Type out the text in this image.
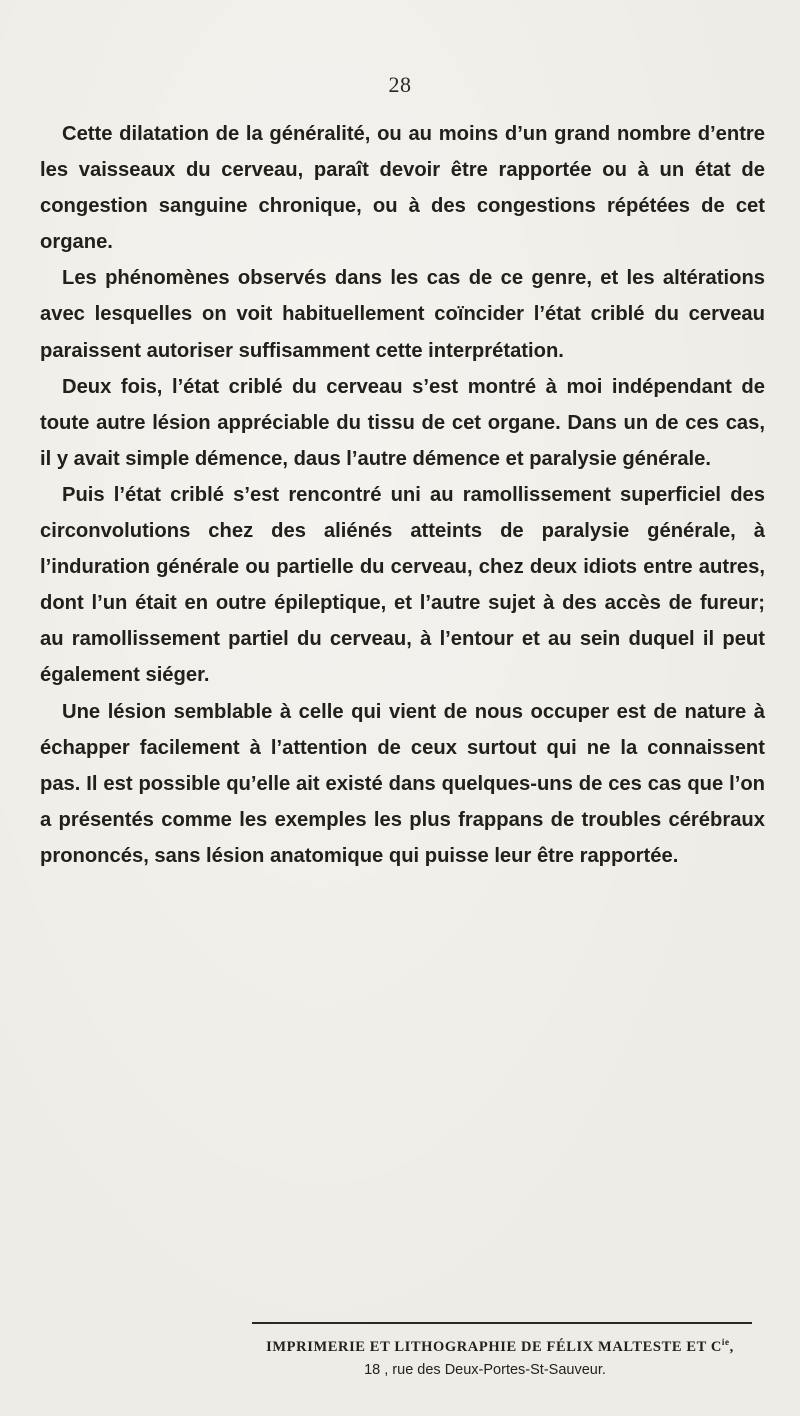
28

Cette dilatation de la généralité, ou au moins d’un grand nombre d’entre les vaisseaux du cerveau, paraît devoir être rapportée ou à un état de congestion sanguine chronique, ou à des congestions répétées de cet organe.

Les phénomènes observés dans les cas de ce genre, et les altérations avec lesquelles on voit habituellement coïncider l’état criblé du cerveau paraissent autoriser suffisamment cette interprétation.

Deux fois, l’état criblé du cerveau s’est montré à moi indépendant de toute autre lésion appréciable du tissu de cet organe. Dans un de ces cas, il y avait simple démence, daus l’autre démence et paralysie générale.

Puis l’état criblé s’est rencontré uni au ramollissement superficiel des circonvolutions chez des aliénés atteints de paralysie générale, à l’induration générale ou partielle du cerveau, chez deux idiots entre autres, dont l’un était en outre épileptique, et l’autre sujet à des accès de fureur; au ramollissement partiel du cerveau, à l’entour et au sein duquel il peut également siéger.

Une lésion semblable à celle qui vient de nous occuper est de nature à échapper facilement à l’attention de ceux surtout qui ne la connaissent pas. Il est possible qu’elle ait existé dans quelques-uns de ces cas que l’on a présentés comme les exemples les plus frappans de troubles cérébraux prononcés, sans lésion anatomique qui puisse leur être rapportée.

IMPRIMERIE ET LITHOGRAPHIE DE FÉLIX MALTESTE ET $C^{ie}$,
18 , rue des Deux-Portes-St-Sauveur.
